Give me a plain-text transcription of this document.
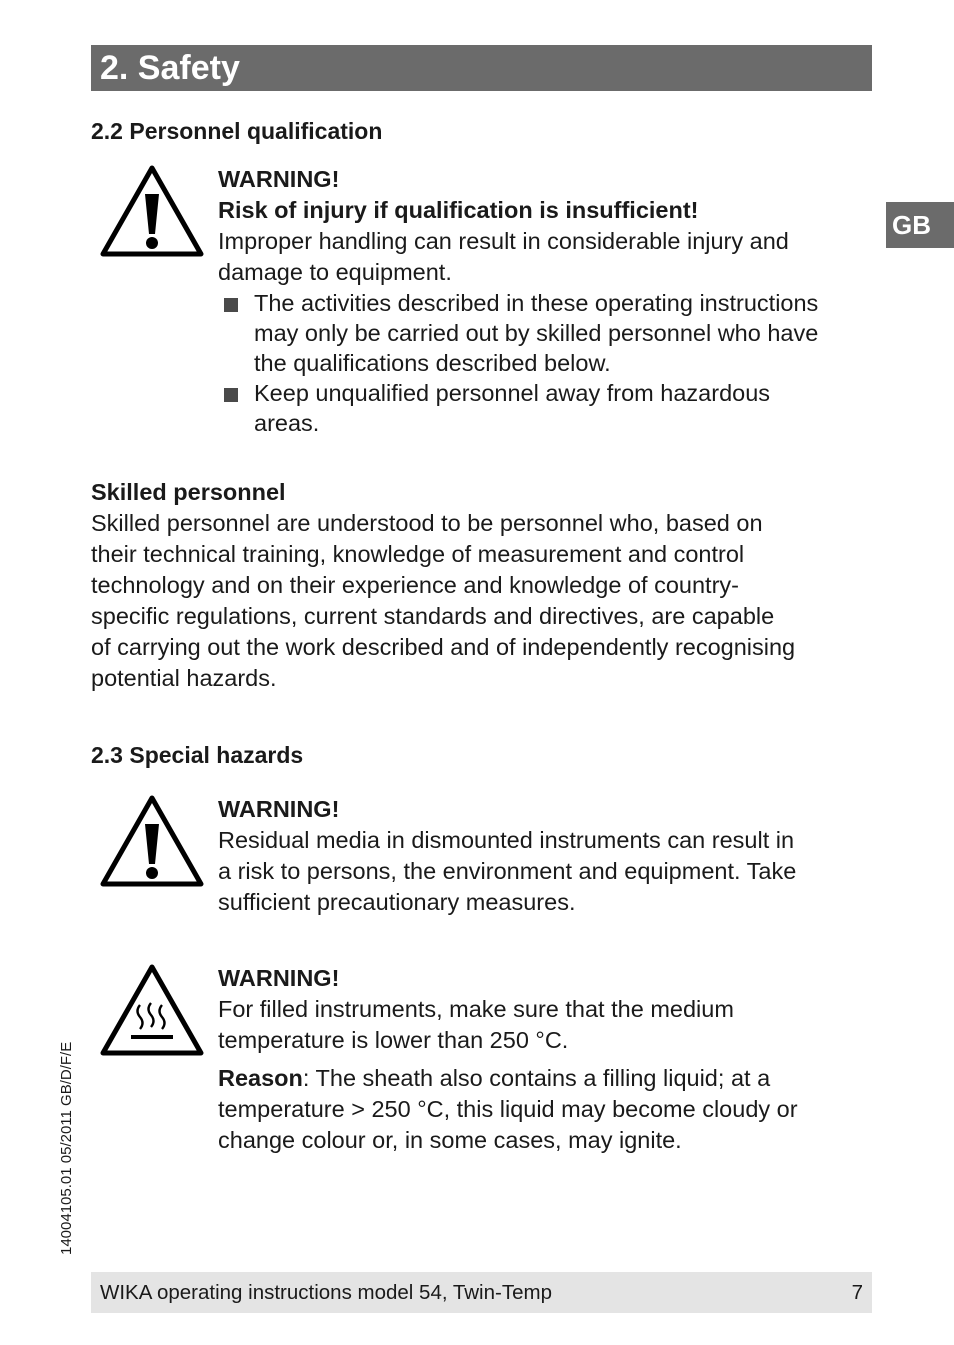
2. Safety
GB
2.2 Personnel qualification
WARNING!
Risk of injury if qualification is insufficient!
Improper handling can result in considerable injury and
damage to equipment.
The activities described in these operating instructions
may only be carried out by skilled personnel who have
the qualifications described below.
Keep unqualified personnel away from hazardous
areas.
Skilled personnel
Skilled personnel are understood to be personnel who, based on
their technical training, knowledge of measurement and control
technology and on their experience and knowledge of country-
specific regulations, current standards and directives, are capable
of carrying out the work described and of independently recognising
potential hazards.
2.3 Special hazards
WARNING!
Residual media in dismounted instruments can result in
a risk to persons, the environment and equipment. Take
sufficient precautionary measures.
WARNING!
For filled instruments, make sure that the medium
temperature is lower than 250 °C.
Reason: The sheath also contains a filling liquid; at a
temperature > 250 °C, this liquid may become cloudy or
change colour or, in some cases, may ignite.
14004105.01 05/2011 GB/D/F/E
WIKA operating instructions model 54, Twin-Temp	7
